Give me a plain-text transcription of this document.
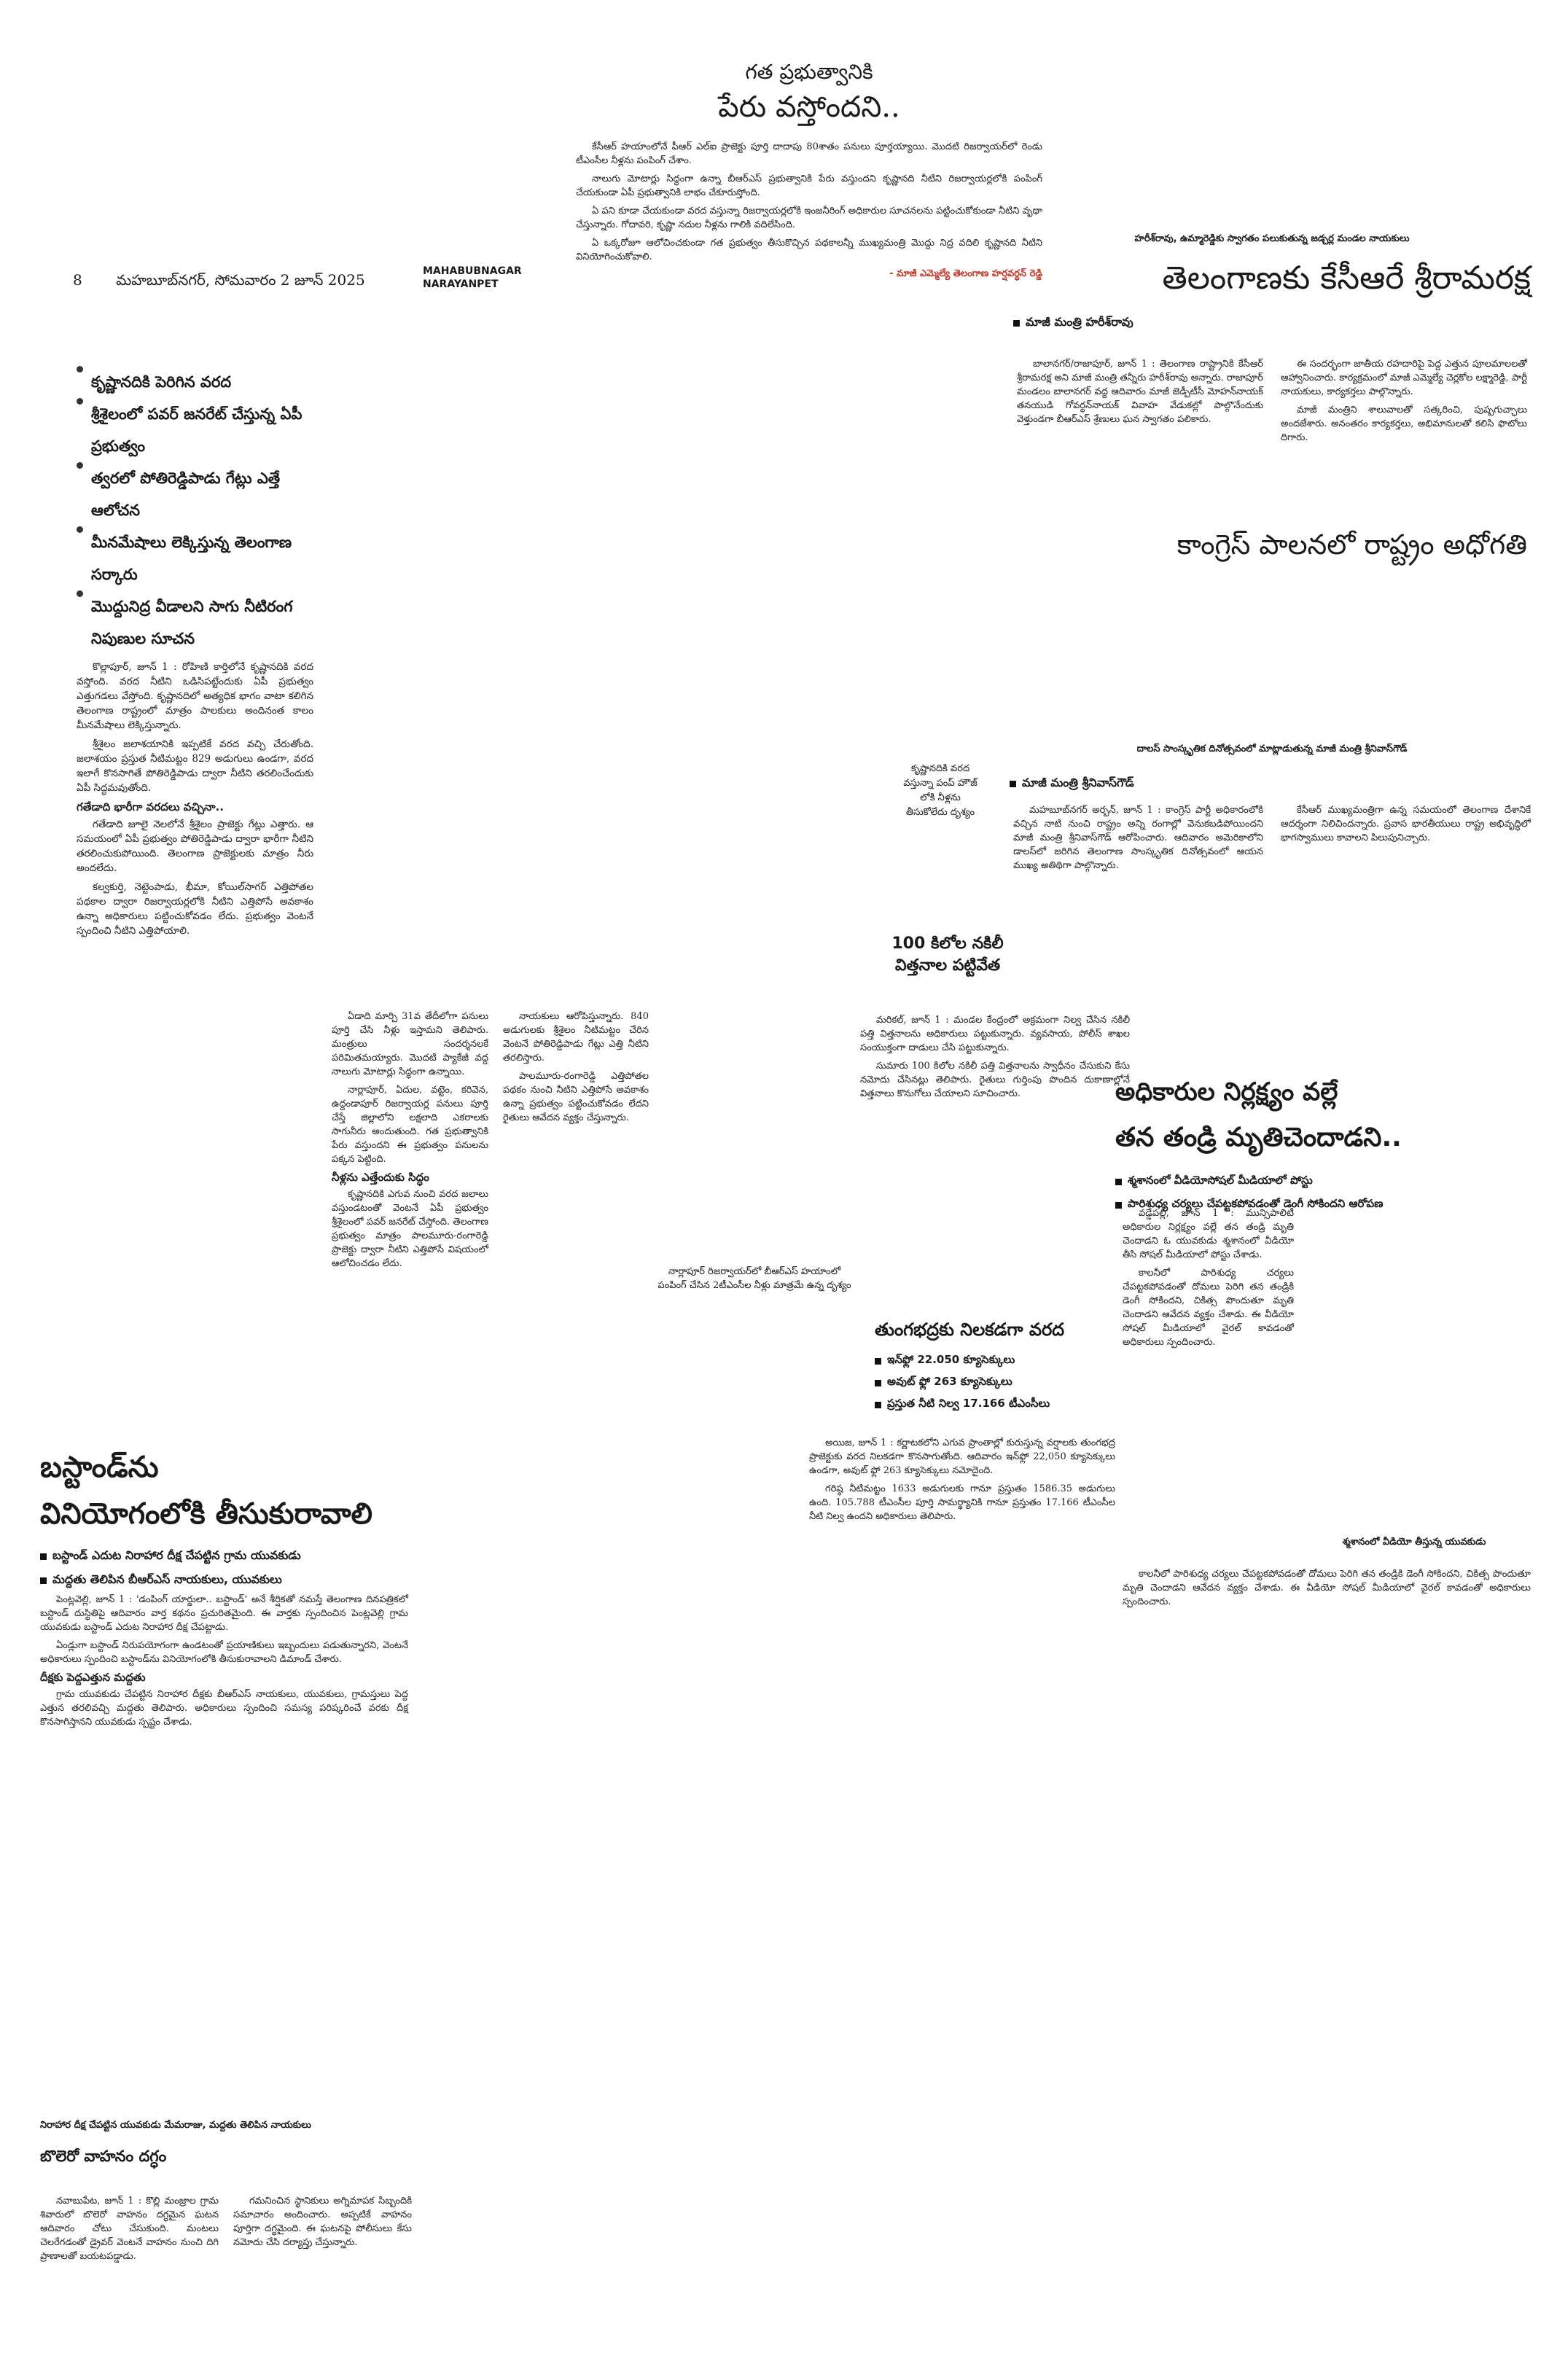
8 మహబూబ్‌నగర్, సోమవారం 2 జూన్ 2025	MAHABUBNAGAR
NARAYANPET
గత ప్రభుత్వానికి
పేరు వస్తోందని..

కేసీఆర్ హయాంలోనే పీఆర్ ఎల్ఐ ప్రాజెక్టు పూర్తి దాదాపు 80శాతం పనులు పూర్తయ్యాయి. మొదటి రిజర్వాయర్‌లో రెండు టీఎంసీల నీళ్లను పంపింగ్ చేశాం.

నాలుగు మోటార్లు సిద్ధంగా ఉన్నా బీఆర్ఎస్ ప్రభుత్వానికి పేరు వస్తుందని కృష్ణానది నీటిని రిజర్వాయర్లలోకి పంపింగ్ చేయకుండా ఏపీ ప్రభుత్వానికి లాభం చేకూరుస్తోంది.

ఏ పని కూడా చేయకుండా వరద వస్తున్నా రిజర్వాయర్లలోకి ఇంజనీరింగ్ అధికారుల సూచనలను పట్టించుకోకుండా నీటిని వృథా చేస్తున్నారు. గోదావరి, కృష్ణా నదుల నీళ్లను గాలికి వదిలేసింది.

ఏ ఒక్కరోజూ ఆలోచించకుండా గత ప్రభుత్వం తీసుకొచ్చిన పథకాలన్నీ ముఖ్యమంత్రి మొద్దు నిద్ర వదిలి కృష్ణానది నీటిని వినియోగించుకోవాలి.

- మాజీ ఎమ్మెల్యే తెలంగాణ హర్షవర్ధన్ రెడ్డి
కృష్ణానదికి పెరిగిన వరద
శ్రీశైలంలో పవర్ జనరేట్ చేస్తున్న ఏపీ ప్రభుత్వం
త్వరలో పోతిరెడ్డిపాడు గేట్లు ఎత్తే ఆలోచన
మీనమేషాలు లెక్కిస్తున్న తెలంగాణ సర్కారు
మొద్దునిద్ర వీడాలని సాగు నీటిరంగ నిపుణుల సూచన

కొల్లాపూర్, జూన్ 1 : రోహిణి కార్తిలోనే కృష్ణానదికి వరద వస్తోంది. వరద నీటిని ఒడిసిపట్టేందుకు ఏపీ ప్రభుత్వం ఎత్తుగడలు వేస్తోంది. కృష్ణానదిలో అత్యధిక భాగం వాటా కలిగిన తెలంగాణ రాష్ట్రంలో మాత్రం పాలకులు అందినంత కాలం మీనమేషాలు లెక్కిస్తున్నారు.

శ్రీశైలం జలాశయానికి ఇప్పటికే వరద వచ్చి చేరుతోంది. జలాశయం ప్రస్తుత నీటిమట్టం 829 అడుగులు ఉండగా, వరద ఇలాగే కొనసాగితే పోతిరెడ్డిపాడు ద్వారా నీటిని తరలించేందుకు ఏపీ సిద్ధమవుతోంది.

గతేడాది భారీగా వరదలు వచ్చినా..

గతేడాది జూలై నెలలోనే శ్రీశైలం ప్రాజెక్టు గేట్లు ఎత్తారు. ఆ సమయంలో ఏపీ ప్రభుత్వం పోతిరెడ్డిపాడు ద్వారా భారీగా నీటిని తరలించుకుపోయింది. తెలంగాణ ప్రాజెక్టులకు మాత్రం నీరు అందలేదు.

కల్వకుర్తి, నెట్టెంపాడు, భీమా, కోయిల్‌సాగర్ ఎత్తిపోతల పథకాల ద్వారా రిజర్వాయర్లలోకి నీటిని ఎత్తిపోసే అవకాశం ఉన్నా అధికారులు పట్టించుకోవడం లేదు. ప్రభుత్వం వెంటనే స్పందించి నీటిని ఎత్తిపోయాలి.

ఏడాది మార్చి 31వ తేదీలోగా పనులు పూర్తి చేసి నీళ్లు ఇస్తామని తెలిపారు. మంత్రులు సందర్శనలకే పరిమితమయ్యారు. మొదటి ప్యాకేజీ వద్ద నాలుగు మోటార్లు సిద్ధంగా ఉన్నాయి.

నార్లాపూర్, ఏదుల, వట్టెం, కరివెన, ఉద్దండాపూర్ రిజర్వాయర్ల పనులు పూర్తి చేస్తే జిల్లాలోని లక్షలాది ఎకరాలకు సాగునీరు అందుతుంది. గత ప్రభుత్వానికి పేరు వస్తుందని ఈ ప్రభుత్వం పనులను పక్కన పెట్టింది.

నీళ్లను ఎత్తేందుకు సిద్ధం

కృష్ణానదికి ఎగువ నుంచి వరద జలాలు వస్తుండటంతో వెంటనే ఏపీ ప్రభుత్వం శ్రీశైలంలో పవర్ జనరేట్ చేస్తోంది. తెలంగాణ ప్రభుత్వం మాత్రం పాలమూరు-రంగారెడ్డి ప్రాజెక్టు ద్వారా నీటిని ఎత్తిపోసే విషయంలో ఆలోచించడం లేదు.

నాయకులు ఆరోపిస్తున్నారు. 840 అడుగులకు శ్రీశైలం నీటిమట్టం చేరిన వెంటనే పోతిరెడ్డిపాడు గేట్లు ఎత్తి నీటిని తరలిస్తారు.

పాలమూరు-రంగారెడ్డి ఎత్తిపోతల పథకం నుంచి నీటిని ఎత్తిపోసే అవకాశం ఉన్నా ప్రభుత్వం పట్టించుకోవడం లేదని రైతులు ఆవేదన వ్యక్తం చేస్తున్నారు.

కృష్ణానదికి వరద వస్తున్నా పంప్ హౌజ్ లోకి నీళ్లను తీసుకోలేదు దృశ్యం
100 కిలోల నకిలీ విత్తనాల పట్టివేత

మరికల్, జూన్ 1 : మండల కేంద్రంలో అక్రమంగా నిల్వ చేసిన నకిలీ పత్తి విత్తనాలను అధికారులు పట్టుకున్నారు. వ్యవసాయ, పోలీస్ శాఖల సంయుక్తంగా దాడులు చేసి పట్టుకున్నారు.

సుమారు 100 కిలోల నకిలీ పత్తి విత్తనాలను స్వాధీనం చేసుకుని కేసు నమోదు చేసినట్లు తెలిపారు. రైతులు గుర్తింపు పొందిన దుకాణాల్లోనే విత్తనాలు కొనుగోలు చేయాలని సూచించారు.

నార్లాపూర్ రిజర్వాయర్‌లో బీఆర్ఎస్ హయాంలో పంపింగ్ చేసిన 2టీఎంసీల నీళ్లు మాత్రమే ఉన్న దృశ్యం
హరీశ్‌రావు, ఉమ్మారెడ్డికు స్వాగతం పలుకుతున్న జడ్చర్ల మండల నాయకులు
తెలంగాణకు కేసీఆరే శ్రీరామరక్ష
మాజీ మంత్రి హరీశ్‌రావు

బాలానగర్/రాజాపూర్, జూన్ 1 : తెలంగాణ రాష్ట్రానికి కేసీఆర్ శ్రీరామరక్ష అని మాజీ మంత్రి తన్నీరు హరీశ్‌రావు అన్నారు. రాజాపూర్ మండలం బాలానగర్ వద్ద ఆదివారం మాజీ జెడ్పీటీసీ మోహన్‌నాయక్ తనయుడి గోవర్ధన్‌నాయక్ వివాహ వేడుకల్లో పాల్గొనేందుకు వెళ్తుండగా బీఆర్ఎస్ శ్రేణులు ఘన స్వాగతం పలికారు.

ఈ సందర్భంగా జాతీయ రహదారిపై పెద్ద ఎత్తున పూలమాలలతో ఆహ్వానించారు. కార్యక్రమంలో మాజీ ఎమ్మెల్యే చెర్లకోల లక్ష్మారెడ్డి, పార్టీ నాయకులు, కార్యకర్తలు పాల్గొన్నారు.

మాజీ మంత్రిని శాలువాలతో సత్కరించి, పుష్పగుచ్ఛాలు అందజేశారు. అనంతరం కార్యకర్తలు, అభిమానులతో కలిసి ఫొటోలు దిగారు.

కాంగ్రెస్ పాలనలో రాష్ట్రం అధోగతి
దాలస్ సాంస్కృతిక దినోత్సవంలో మాట్లాడుతున్న మాజీ మంత్రి శ్రీనివాస్‌గౌడ్
మాజీ మంత్రి శ్రీనివాస్‌గౌడ్

మహబూబ్‌నగర్ అర్బన్, జూన్ 1 : కాంగ్రెస్ పార్టీ అధికారంలోకి వచ్చిన నాటి నుంచి రాష్ట్రం అన్ని రంగాల్లో వెనుకబడిపోయిందని మాజీ మంత్రి శ్రీనివాస్‌గౌడ్ ఆరోపించారు. ఆదివారం అమెరికాలోని డాలస్‌లో జరిగిన తెలంగాణ సాంస్కృతిక దినోత్సవంలో ఆయన ముఖ్య అతిథిగా పాల్గొన్నారు.

కేసీఆర్ ముఖ్యమంత్రిగా ఉన్న సమయంలో తెలంగాణ దేశానికే ఆదర్శంగా నిలిచిందన్నారు. ప్రవాస భారతీయులు రాష్ట్ర అభివృద్ధిలో భాగస్వాములు కావాలని పిలుపునిచ్చారు.

అధికారుల నిర్లక్ష్యం వల్లే
తన తండ్రి మృతిచెందాడని..
శ్మశానంలో వీడియోసోషల్ మీడియాలో పోస్టు
పారిశుధ్య చర్యలు చేపట్టకపోవడంతో డెంగీ సోకిందని ఆరోపణ

వడ్డేపల్లి, జూన్ 1 : మున్సిపాలిటీ అధికారుల నిర్లక్ష్యం వల్లే తన తండ్రి మృతి చెందాడని ఓ యువకుడు శ్మశానంలో వీడియో తీసి సోషల్ మీడియాలో పోస్టు చేశాడు.

కాలనీలో పారిశుధ్య చర్యలు చేపట్టకపోవడంతో దోమలు పెరిగి తన తండ్రికి డెంగీ సోకిందని, చికిత్స పొందుతూ మృతి చెందాడని ఆవేదన వ్యక్తం చేశాడు. ఈ వీడియో సోషల్ మీడియాలో వైరల్ కావడంతో అధికారులు స్పందించారు.

శ్మశానంలో వీడియో తీస్తున్న యువకుడు

కాలనీలో పారిశుధ్య చర్యలు చేపట్టకపోవడంతో దోమలు పెరిగి తన తండ్రికి డెంగీ సోకిందని, చికిత్స పొందుతూ మృతి చెందాడని ఆవేదన వ్యక్తం చేశాడు. ఈ వీడియో సోషల్ మీడియాలో వైరల్ కావడంతో అధికారులు స్పందించారు.

తుంగభద్రకు నిలకడగా వరద
ఇన్‌ఫ్లో 22.050 క్యూసెక్కులు
అవుట్ ఫ్లో 263 క్యూసెక్కులు
ప్రస్తుత నీటి నిల్వ 17.166 టీఎంసీలు

అయిజ, జూన్ 1 : కర్ణాటకలోని ఎగువ ప్రాంతాల్లో కురుస్తున్న వర్షాలకు తుంగభద్ర ప్రాజెక్టుకు వరద నిలకడగా కొనసాగుతోంది. ఆదివారం ఇన్‌ఫ్లో 22,050 క్యూసెక్కులు ఉండగా, అవుట్ ఫ్లో 263 క్యూసెక్కులు నమోదైంది.

గరిష్ఠ నీటిమట్టం 1633 అడుగులకు గానూ ప్రస్తుతం 1586.35 అడుగులు ఉంది. 105.788 టీఎంసీల పూర్తి సామర్థ్యానికి గానూ ప్రస్తుతం 17.166 టీఎంసీల నీటి నిల్వ ఉందని అధికారులు తెలిపారు.

బస్టాండ్‌ను
వినియోగంలోకి తీసుకురావాలి
బస్టాండ్ ఎదుట నిరాహార దీక్ష చేపట్టిన గ్రామ యువకుడు
మద్దతు తెలిపిన బీఆర్ఎస్ నాయకులు, యువకులు

పెంట్లవెల్లి, జూన్ 1 : 'డంపింగ్ యార్డులా.. బస్టాండ్' అనే శీర్షికతో నమస్తే తెలంగాణ దినపత్రికలో బస్టాండ్ దుస్థితిపై ఆదివారం వార్త కథనం ప్రచురితమైంది. ఈ వార్తకు స్పందించిన పెంట్లవెల్లి గ్రామ యువకుడు బస్టాండ్ ఎదుట నిరాహార దీక్ష చేపట్టాడు.

ఏండ్లుగా బస్టాండ్ నిరుపయోగంగా ఉండటంతో ప్రయాణికులు ఇబ్బందులు పడుతున్నారని, వెంటనే అధికారులు స్పందించి బస్టాండ్‌ను వినియోగంలోకి తీసుకురావాలని డిమాండ్ చేశారు.

దీక్షకు పెద్దఎత్తున మద్దతు

గ్రామ యువకుడు చేపట్టిన నిరాహార దీక్షకు బీఆర్ఎస్ నాయకులు, యువకులు, గ్రామస్తులు పెద్ద ఎత్తున తరలివచ్చి మద్దతు తెలిపారు. అధికారులు స్పందించి సమస్య పరిష్కరించే వరకు దీక్ష కొనసాగిస్తానని యువకుడు స్పష్టం చేశాడు.

నిరాహార దీక్ష చేపట్టిన యువకుడు మేమరాజు, మద్దతు తెలిపిన నాయకులు
బొలెరో వాహనం దగ్ధం

నవాబుపేట, జూన్ 1 : కొల్లి మంజ్రాల గ్రామ శివారులో బొలెరో వాహనం దగ్ధమైన ఘటన ఆదివారం చోటు చేసుకుంది. మంటలు చెలరేగడంతో డ్రైవర్ వెంటనే వాహనం నుంచి దిగి ప్రాణాలతో బయటపడ్డాడు.

గమనించిన స్థానికులు అగ్నిమాపక సిబ్బందికి సమాచారం అందించారు. అప్పటికే వాహనం పూర్తిగా దగ్ధమైంది. ఈ ఘటనపై పోలీసులు కేసు నమోదు చేసి దర్యాప్తు చేస్తున్నారు.
